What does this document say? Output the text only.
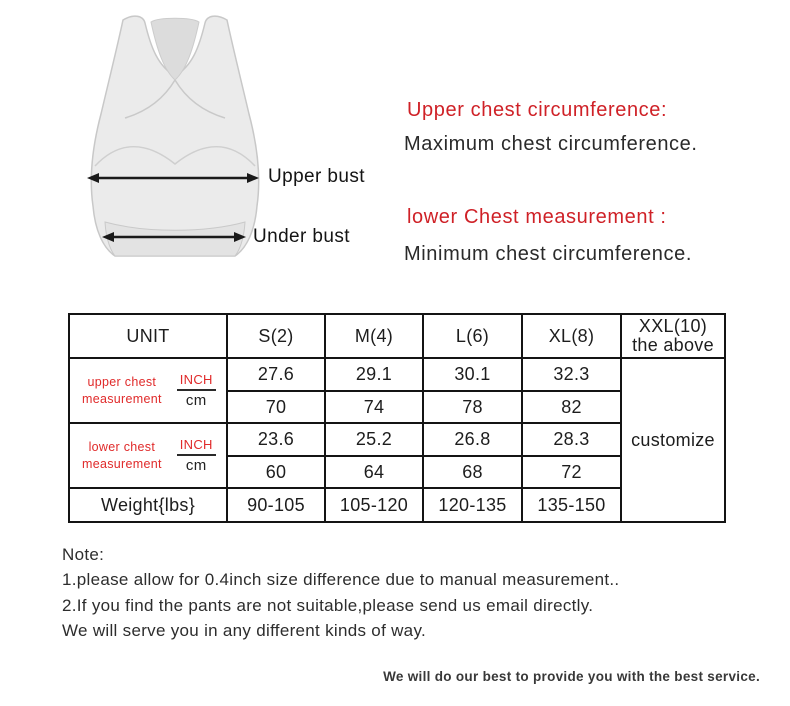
Upper bust
Under bust
Upper chest circumference:
Maximum chest circumference.
lower Chest measurement :
Minimum chest circumference.
UNIT	S(2)	M(4)	L(6)	XL(8)	XXL(10)
the above

upper chest
measurement $\frac{\text{INCH}}{cm}$	27.6	29.1	30.1	32.3	customize
	70	74	78	82	

lower chest
measurement $\frac{\text{INCH}}{cm}$	23.6	25.2	26.8	28.3	
	60	64	68	72	
Weight{lbs}	90-105	105-120	120-135	135-150	
Note:
1.please allow for 0.4inch size difference due to manual measurement..
2.If you find the pants are not suitable,please send us email directly.
We will serve you in any different kinds of way.
We will do our best to provide you with the best service.
